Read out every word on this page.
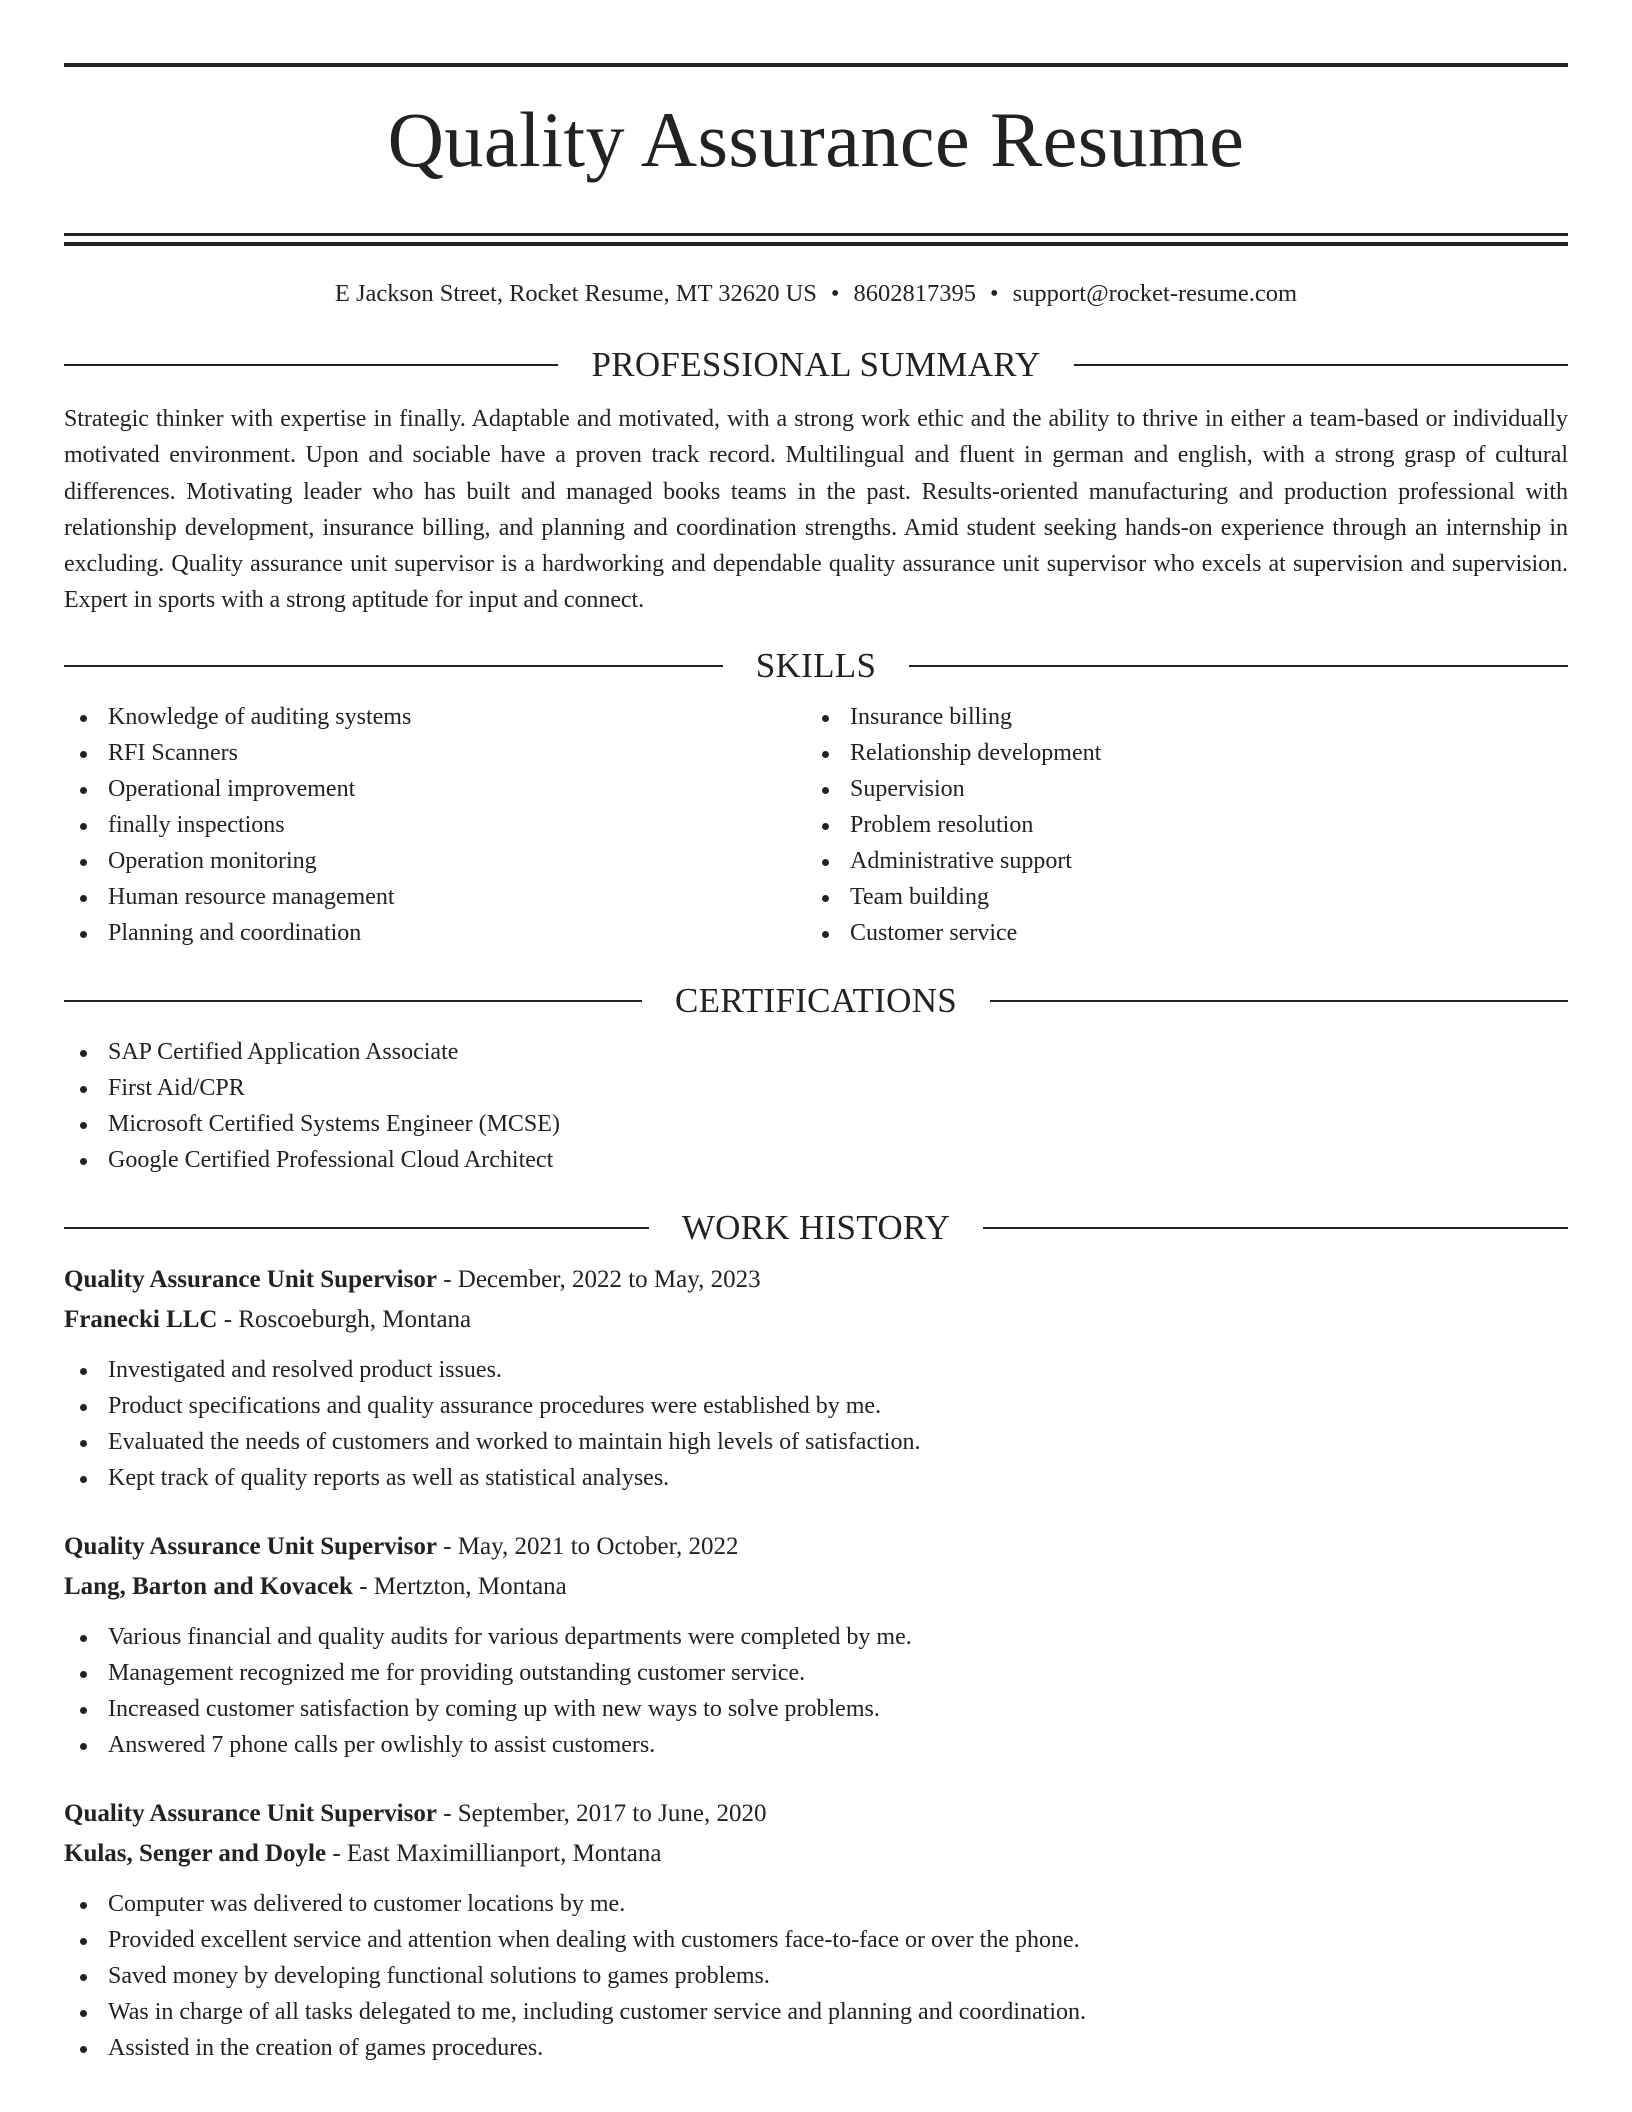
Quality Assurance Resume
E Jackson Street, Rocket Resume, MT 32620 US • 8602817395 • support@rocket-resume.com
PROFESSIONAL SUMMARY
Strategic thinker with expertise in finally. Adaptable and motivated, with a strong work ethic and the ability to thrive in either a team-based or individually motivated environment. Upon and sociable have a proven track record. Multilingual and fluent in german and english, with a strong grasp of cultural differences. Motivating leader who has built and managed books teams in the past. Results-oriented manufacturing and production professional with relationship development, insurance billing, and planning and coordination strengths. Amid student seeking hands-on experience through an internship in excluding. Quality assurance unit supervisor is a hardworking and dependable quality assurance unit supervisor who excels at supervision and supervision. Expert in sports with a strong aptitude for input and connect.
SKILLS
Knowledge of auditing systems
RFI Scanners
Operational improvement
finally inspections
Operation monitoring
Human resource management
Planning and coordination
Insurance billing
Relationship development
Supervision
Problem resolution
Administrative support
Team building
Customer service
CERTIFICATIONS
SAP Certified Application Associate
First Aid/CPR
Microsoft Certified Systems Engineer (MCSE)
Google Certified Professional Cloud Architect
WORK HISTORY
Quality Assurance Unit Supervisor - December, 2022 to May, 2023
Franecki LLC - Roscoeburgh, Montana
Investigated and resolved product issues.
Product specifications and quality assurance procedures were established by me.
Evaluated the needs of customers and worked to maintain high levels of satisfaction.
Kept track of quality reports as well as statistical analyses.
Quality Assurance Unit Supervisor - May, 2021 to October, 2022
Lang, Barton and Kovacek - Mertzton, Montana
Various financial and quality audits for various departments were completed by me.
Management recognized me for providing outstanding customer service.
Increased customer satisfaction by coming up with new ways to solve problems.
Answered 7 phone calls per owlishly to assist customers.
Quality Assurance Unit Supervisor - September, 2017 to June, 2020
Kulas, Senger and Doyle - East Maximillianport, Montana
Computer was delivered to customer locations by me.
Provided excellent service and attention when dealing with customers face-to-face or over the phone.
Saved money by developing functional solutions to games problems.
Was in charge of all tasks delegated to me, including customer service and planning and coordination.
Assisted in the creation of games procedures.
